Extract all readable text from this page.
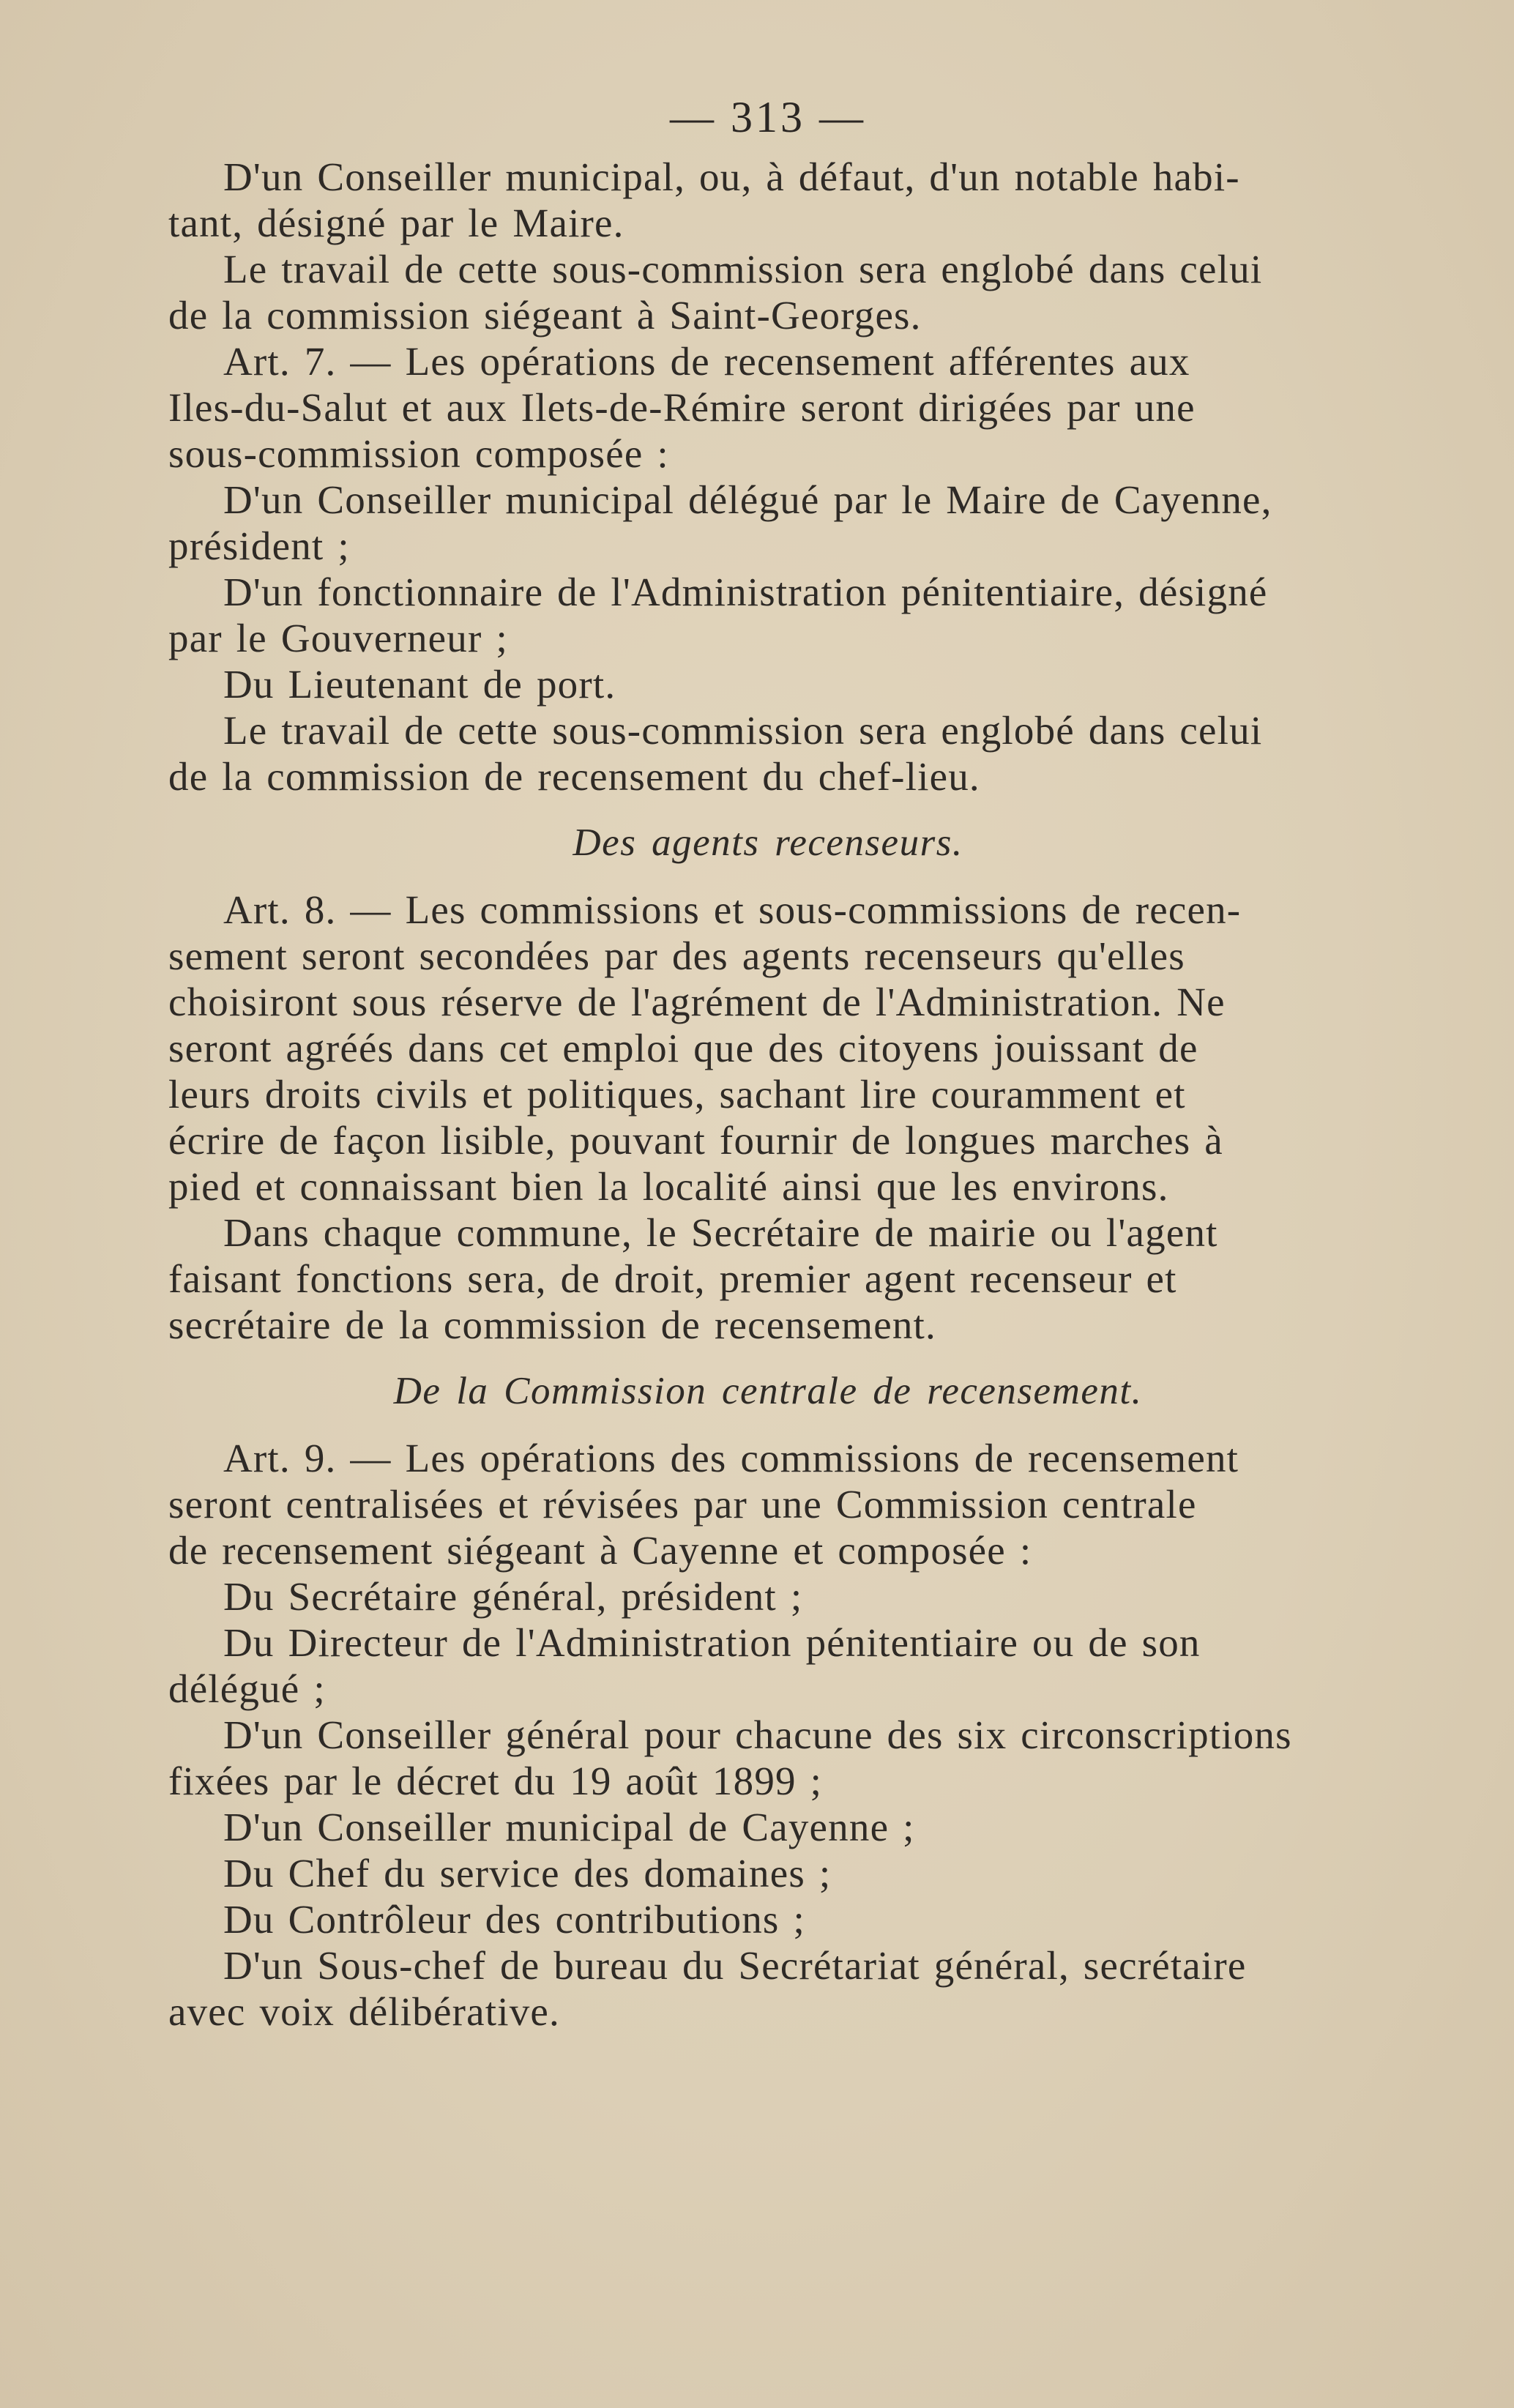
— 313 —
D'un Conseiller municipal, ou, à défaut, d'un notable habi-
tant, désigné par le Maire.
Le travail de cette sous-commission sera englobé dans celui
de la commission siégeant à Saint-Georges.
Art. 7. — Les opérations de recensement afférentes aux
Iles-du-Salut et aux Ilets-de-Rémire seront dirigées par une
sous-commission composée :
D'un Conseiller municipal délégué par le Maire de Cayenne,
président ;
D'un fonctionnaire de l'Administration pénitentiaire, désigné
par le Gouverneur ;
Du Lieutenant de port.
Le travail de cette sous-commission sera englobé dans celui
de la commission de recensement du chef-lieu.
Des agents recenseurs.
Art. 8. — Les commissions et sous-commissions de recen-
sement seront secondées par des agents recenseurs qu'elles
choisiront sous réserve de l'agrément de l'Administration. Ne
seront agréés dans cet emploi que des citoyens jouissant de
leurs droits civils et politiques, sachant lire couramment et
écrire de façon lisible, pouvant fournir de longues marches à
pied et connaissant bien la localité ainsi que les environs.
Dans chaque commune, le Secrétaire de mairie ou l'agent
faisant fonctions sera, de droit, premier agent recenseur et
secrétaire de la commission de recensement.
De la Commission centrale de recensement.
Art. 9. — Les opérations des commissions de recensement
seront centralisées et révisées par une Commission centrale
de recensement siégeant à Cayenne et composée :
Du Secrétaire général, président ;
Du Directeur de l'Administration pénitentiaire ou de son
délégué ;
D'un Conseiller général pour chacune des six circonscriptions
fixées par le décret du 19 août 1899 ;
D'un Conseiller municipal de Cayenne ;
Du Chef du service des domaines ;
Du Contrôleur des contributions ;
D'un Sous-chef de bureau du Secrétariat général, secrétaire
avec voix délibérative.
